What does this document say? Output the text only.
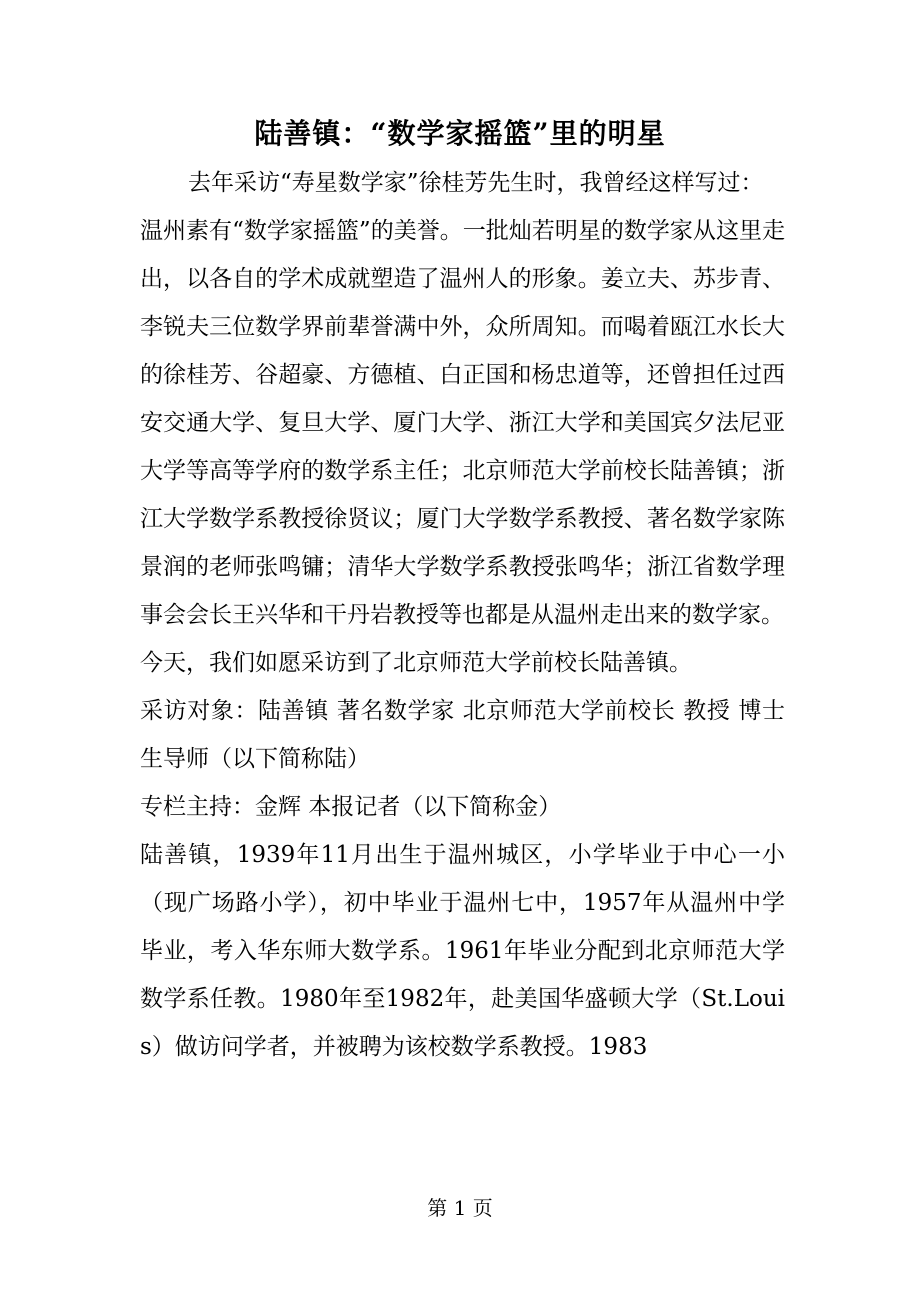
陆善镇：“数学家摇篮”里的明星

去年采访“寿星数学家”徐桂芳先生时，我曾经这样写过：

温州素有“数学家摇篮”的美誉。一批灿若明星的数学家从这里走出，以各自的学术成就塑造了温州人的形象。姜立夫、苏步青、李锐夫三位数学界前辈誉满中外，众所周知。而喝着瓯江水长大的徐桂芳、谷超豪、方德植、白正国和杨忠道等，还曾担任过西安交通大学、复旦大学、厦门大学、浙江大学和美国宾夕法尼亚大学等高等学府的数学系主任；北京师范大学前校长陆善镇；浙江大学数学系教授徐贤议；厦门大学数学系教授、著名数学家陈景润的老师张鸣镛；清华大学数学系教授张鸣华；浙江省数学理事会会长王兴华和干丹岩教授等也都是从温州走出来的数学家。

今天，我们如愿采访到了北京师范大学前校长陆善镇。

采访对象：陆善镇 著名数学家 北京师范大学前校长 教授 博士生导师（以下简称陆）

专栏主持：金辉 本报记者（以下简称金）

陆善镇，1939年11月出生于温州城区，小学毕业于中心一小（现广场路小学），初中毕业于温州七中，1957年从温州中学毕业，考入华东师大数学系。1961年毕业分配到北京师范大学数学系任教。1980年至1982年，赴美国华盛顿大学（St.Louis）做访问学者，并被聘为该校数学系教授。1983

第 1 页
